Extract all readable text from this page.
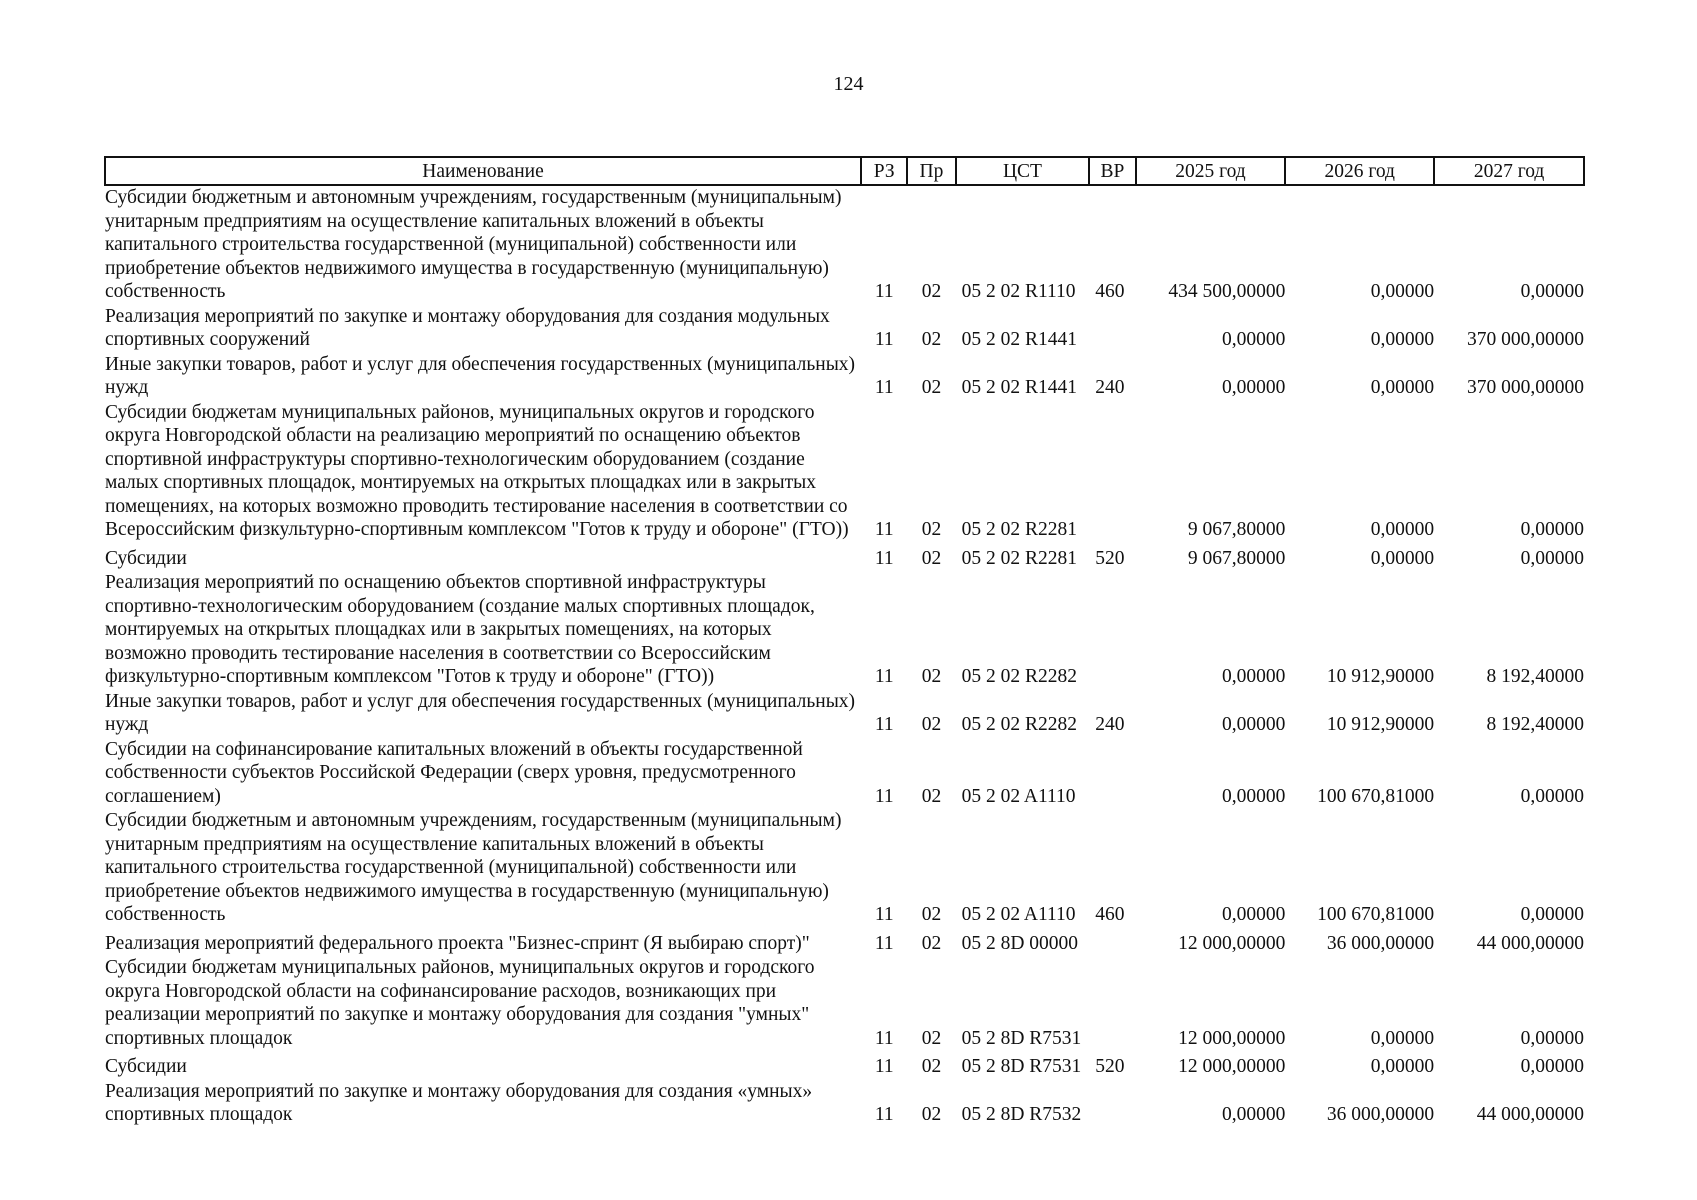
124
Наименование	РЗ	Пр	ЦСТ	ВР	2025 год	2026 год	2027 год
Субсидии бюджетным и автономным учреждениям, государственным (муниципальным) унитарным предприятиям на осуществление капитальных вложений в объекты капитального строительства государственной (муниципальной) собственности или приобретение объектов недвижимого имущества в государственную (муниципальную) собственность	11	02	05 2 02 R1110	460	434 500,00000	0,00000	0,00000
Реализация мероприятий по закупке и монтажу оборудования для создания модульных спортивных сооружений	11	02	05 2 02 R1441		0,00000	0,00000	370 000,00000
Иные закупки товаров, работ и услуг для обеспечения государственных (муниципальных) нужд	11	02	05 2 02 R1441	240	0,00000	0,00000	370 000,00000
Субсидии бюджетам муниципальных районов, муниципальных округов и городского округа Новгородской области на реализацию мероприятий по оснащению объектов спортивной инфраструктуры спортивно-технологическим оборудованием (создание малых спортивных площадок, монтируемых на открытых площадках или в закрытых помещениях, на которых возможно проводить тестирование населения в соответствии со Всероссийским физкультурно-спортивным комплексом "Готов к труду и обороне" (ГТО))	11	02	05 2 02 R2281		9 067,80000	0,00000	0,00000
Субсидии	11	02	05 2 02 R2281	520	9 067,80000	0,00000	0,00000
Реализация мероприятий по оснащению объектов спортивной инфраструктуры спортивно-технологическим оборудованием (создание малых спортивных площадок, монтируемых на открытых площадках или в закрытых помещениях, на которых возможно проводить тестирование населения в соответствии со Всероссийским физкультурно-спортивным комплексом "Готов к труду и обороне" (ГТО))	11	02	05 2 02 R2282		0,00000	10 912,90000	8 192,40000
Иные закупки товаров, работ и услуг для обеспечения государственных (муниципальных) нужд	11	02	05 2 02 R2282	240	0,00000	10 912,90000	8 192,40000
Субсидии на софинансирование капитальных вложений в объекты государственной собственности субъектов Российской Федерации (сверх уровня, предусмотренного соглашением)	11	02	05 2 02 A1110		0,00000	100 670,81000	0,00000
Субсидии бюджетным и автономным учреждениям, государственным (муниципальным) унитарным предприятиям на осуществление капитальных вложений в объекты капитального строительства государственной (муниципальной) собственности или приобретение объектов недвижимого имущества в государственную (муниципальную) собственность	11	02	05 2 02 A1110	460	0,00000	100 670,81000	0,00000
Реализация мероприятий федерального проекта "Бизнес-спринт (Я выбираю спорт)"	11	02	05 2 8D 00000		12 000,00000	36 000,00000	44 000,00000
Субсидии бюджетам муниципальных районов, муниципальных округов и городского округа Новгородской области на софинансирование расходов, возникающих при реализации мероприятий по закупке и монтажу оборудования для создания "умных" спортивных площадок	11	02	05 2 8D R7531		12 000,00000	0,00000	0,00000
Субсидии	11	02	05 2 8D R7531	520	12 000,00000	0,00000	0,00000
Реализация мероприятий по закупке и монтажу оборудования для создания «умных» спортивных площадок	11	02	05 2 8D R7532		0,00000	36 000,00000	44 000,00000
